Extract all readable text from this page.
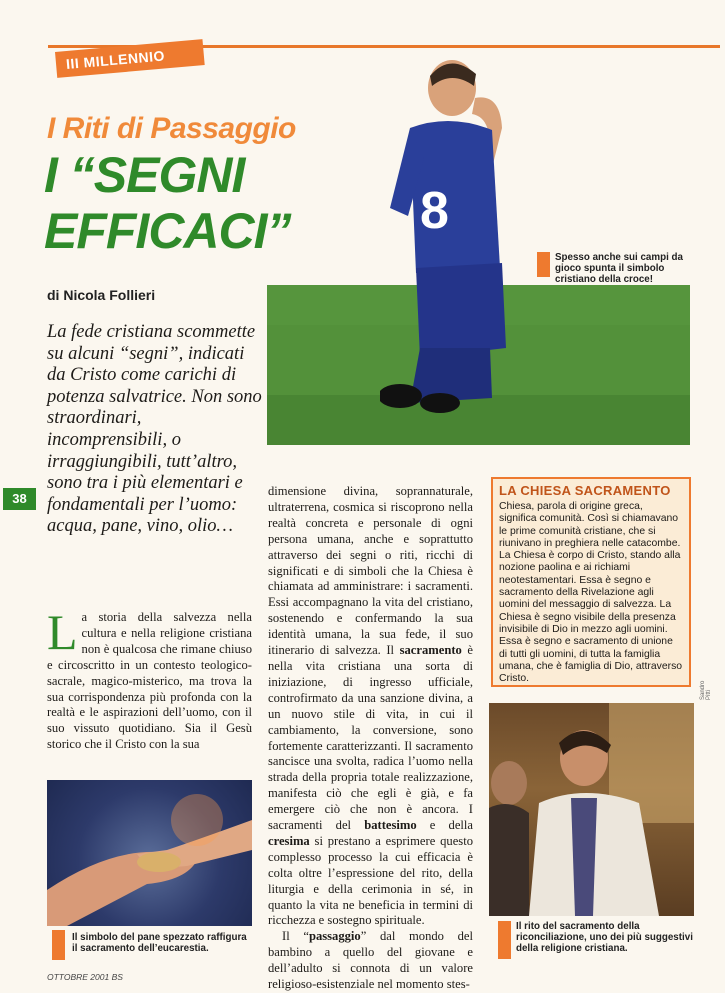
III MILLENNIO
I Riti di Passaggio
I “SEGNI
EFFICACI”
di Nicola Follieri
8
Spesso anche sui campi da gioco spunta il simbolo cristiano della croce!
La fede cristiana scommette su alcuni “segni”, indicati da Cristo come carichi di potenza salvatrice. Non sono straordinari, incomprensibili, o irraggiungibili, tutt’altro, sono tra i più elementari e fondamentali per l’uomo: acqua, pane, vino, olio…
38
La storia della salvezza nella cultura e nella religione cristiana non è qualcosa che rimane chiuso e circoscritto in un contesto teologico-sacrale, magico-misterico, ma trova la sua corrispondenza più profonda con la realtà e le aspirazioni dell’uomo, con il suo vissuto quotidiano. Sia il Gesù storico che il Cristo con la sua

dimensione divina, soprannaturale, ultraterrena, cosmica si riscoprono nella realtà concreta e personale di ogni persona umana, anche e soprattutto attraverso dei segni o riti, ricchi di significati e di simboli che la Chiesa è chiamata ad amministrare: i sacramenti. Essi accompagnano la vita del cristiano, sostenendo e confermando la sua identità umana, la sua fede, il suo itinerario di salvezza. Il sacramento è nella vita cristiana una sorta di iniziazione, di ingresso ufficiale, controfirmato da una sanzione divina, a un nuovo stile di vita, in cui il cambiamento, la conversione, sono fortemente caratterizzanti. Il sacramento sancisce una svolta, radica l’uomo nella strada della propria totale realizzazione, manifesta ciò che egli è già, e fa emergere ciò che non è ancora. I sacramenti del battesimo e della cresima si prestano a esprimere questo complesso processo la cui efficacia è colta oltre l’espressione del rito, della liturgia e della cerimonia in sé, in quanto la vita ne beneficia in termini di ricchezza e sostegno spirituale.

Il “passaggio” dal mondo del bambino a quello del giovane e dell’adulto si connota di un valore religioso-esistenziale nel momento stes-

LA CHIESA SACRAMENTO
Chiesa, parola di origine greca, significa comunità. Così si chiamavano le prime comunità cristiane, che si riunivano in preghiera nelle catacombe. La Chiesa è corpo di Cristo, stando alla nozione paolina e ai richiami neotestamentari. Essa è segno e sacramento della Rivelazione agli uomini del messaggio di salvezza. La Chiesa è segno visibile della presenza invisibile di Dio in mezzo agli uomini. Essa è segno e sacramento di unione di tutti gli uomini, di tutta la famiglia umana, che è famiglia di Dio, attraverso Cristo.
Il simbolo del pane spezzato raffigura il sacramento dell’eucarestia.
Sandro Pitti
Il rito del sacramento della riconciliazione, uno dei più suggestivi della religione cristiana.
OTTOBRE 2001 BS
